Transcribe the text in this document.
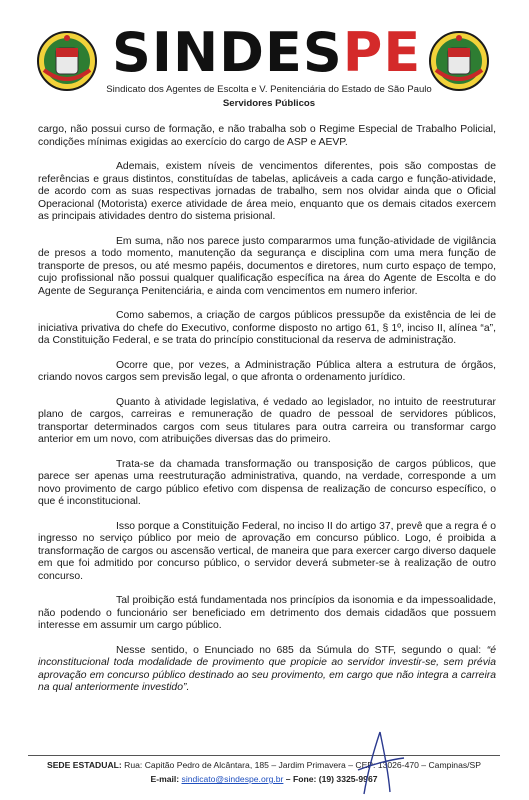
SINDESPE
Sindicato dos Agentes de Escolta e V. Penitenciária do Estado de São Paulo
Servidores Públicos

cargo, não possui curso de formação, e não trabalha sob o Regime Especial de Trabalho Policial, condições mínimas exigidas ao exercício do cargo de ASP e AEVP.

Ademais, existem níveis de vencimentos diferentes, pois são compostas de referências e graus distintos, constituídas de tabelas, aplicáveis a cada cargo e função-atividade, de acordo com as suas respectivas jornadas de trabalho, sem nos olvidar ainda que o Oficial Operacional (Motorista) exerce atividade de área meio, enquanto que os demais citados exercem as principais atividades dentro do sistema prisional.

Em suma, não nos parece justo compararmos uma função-atividade de vigilância de presos a todo momento, manutenção da segurança e disciplina com uma mera função de transporte de presos, ou até mesmo papéis, documentos e diretores, num curto espaço de tempo, cujo profissional não possui qualquer qualificação específica na área do Agente de Escolta e do Agente de Segurança Penitenciária, e ainda com vencimentos em numero inferior.

Como sabemos, a criação de cargos públicos pressupõe da existência de lei de iniciativa privativa do chefe do Executivo, conforme disposto no artigo 61, § 1º, inciso II, alínea “a”, da Constituição Federal, e se trata do princípio constitucional da reserva de administração.

Ocorre que, por vezes, a Administração Pública altera a estrutura de órgãos, criando novos cargos sem previsão legal, o que afronta o ordenamento jurídico.

Quanto à atividade legislativa, é vedado ao legislador, no intuito de reestruturar plano de cargos, carreiras e remuneração de quadro de pessoal de servidores públicos, transportar determinados cargos com seus titulares para outra carreira ou transformar cargo anterior em um novo, com atribuições diversas das do primeiro.

Trata-se da chamada transformação ou transposição de cargos públicos, que parece ser apenas uma reestruturação administrativa, quando, na verdade, corresponde a um novo provimento de cargo público efetivo com dispensa de realização de concurso específico, o que é inconstitucional.

Isso porque a Constituição Federal, no inciso II do artigo 37, prevê que a regra é o ingresso no serviço público por meio de aprovação em concurso público. Logo, é proibida a transformação de cargos ou ascensão vertical, de maneira que para exercer cargo diverso daquele em que foi admitido por concurso público, o servidor deverá submeter-se à realização de outro concurso.

Tal proibição está fundamentada nos princípios da isonomia e da impessoalidade, não podendo o funcionário ser beneficiado em detrimento dos demais cidadãos que possuem interesse em assumir um cargo público.

Nesse sentido, o Enunciado no 685 da Súmula do STF, segundo o qual: “é inconstitucional toda modalidade de provimento que propicie ao servidor investir-se, sem prévia aprovação em concurso público destinado ao seu provimento, em cargo que não integra a carreira na qual anteriormente investido”.

SEDE ESTADUAL: Rua: Capitão Pedro de Alcântara, 185 – Jardim Primavera – CEP: 13026-470 – Campinas/SP
E-mail: sindicato@sindespe.org.br – Fone: (19) 3325-9967
